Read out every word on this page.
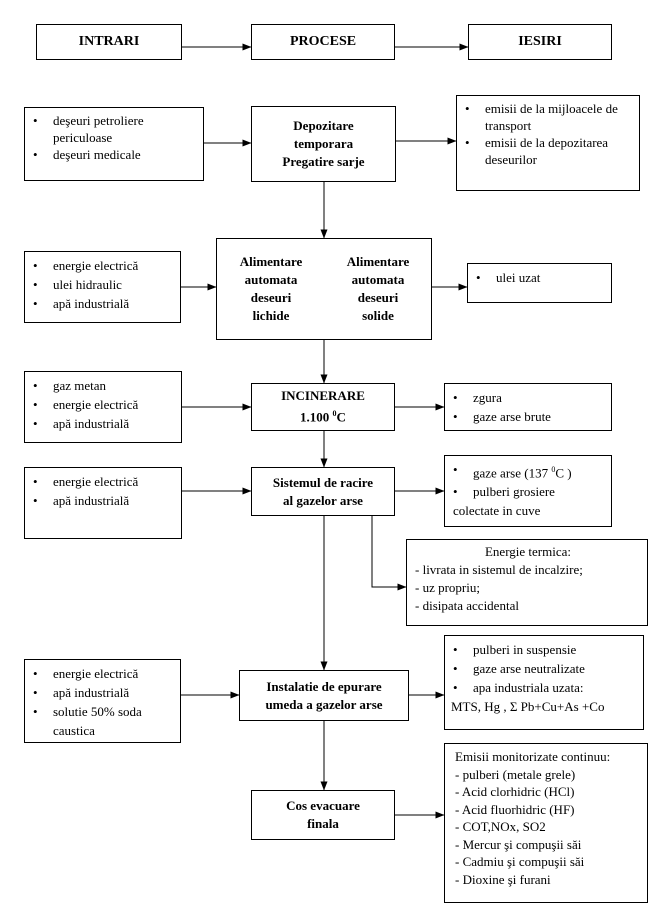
INTRARI	PROCESE	IESIRI
• deşeuri petroliere periculoase
• deşeuri medicale
Depozitare
temporara
Pregatire sarje
• emisii de la mijloacele de transport
• emisii de la depozitarea deseurilor
• energie electrică
• ulei hidraulic
• apă industrială
Alimentare
automata
deseuri
lichide
Alimentare
automata
deseuri
solide
• ulei uzat
• gaz metan
• energie electrică
• apă industrială
INCINERARE
1.100 $^0$C
• zgura
• gaze arse brute
• energie electrică
• apă industrială
Sistemul de racire
al gazelor arse
• gaze arse (137 $^0$C )
• pulberi grosiere
colectate in cuve
Energie termica:
- livrata in sistemul de incalzire;
- uz propriu;
- disipata accidental
• energie electrică
• apă industrială
• solutie 50% soda caustica
Instalatie de epurare
umeda a gazelor arse
• pulberi in suspensie
• gaze arse neutralizate
• apa industriala uzata:
MTS, Hg , Σ Pb+Cu+As +Co
Cos evacuare
finala
Emisii monitorizate continuu:
- pulberi (metale grele)
- Acid clorhidric (HCl)
- Acid fluorhidric (HF)
- COT,NOx, SO2
- Mercur şi compuşii săi
- Cadmiu şi compuşii săi
- Dioxine şi furani
